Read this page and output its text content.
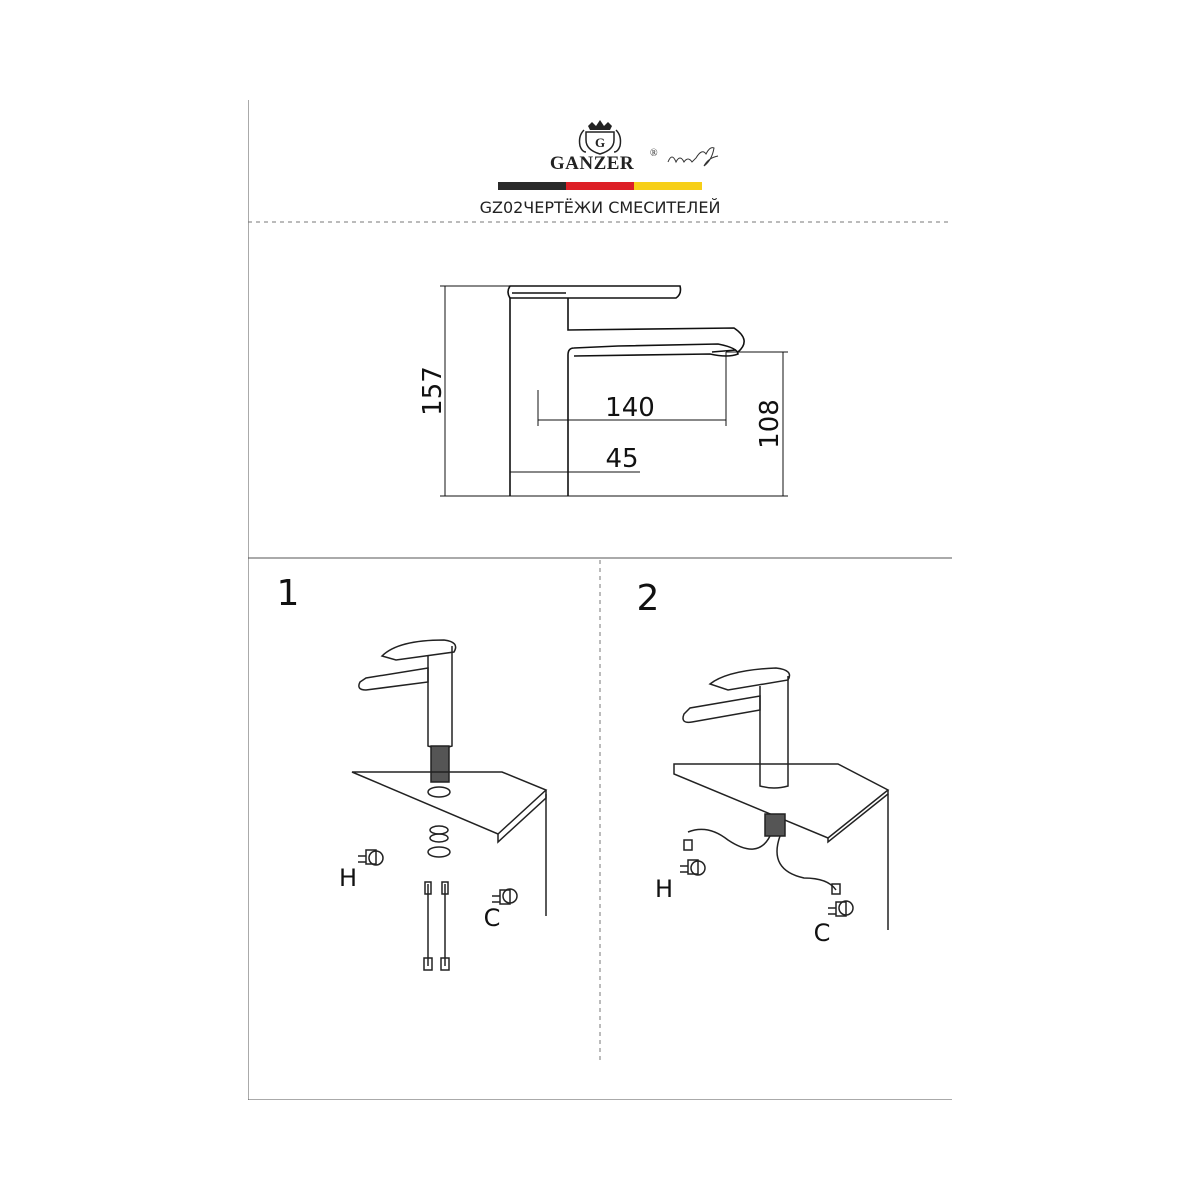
G
GANZER ®
GZ02ЧЕРТЁЖИ СМЕСИТЕЛЕЙ
157	140	108
45
1
H
C
2
H
C
